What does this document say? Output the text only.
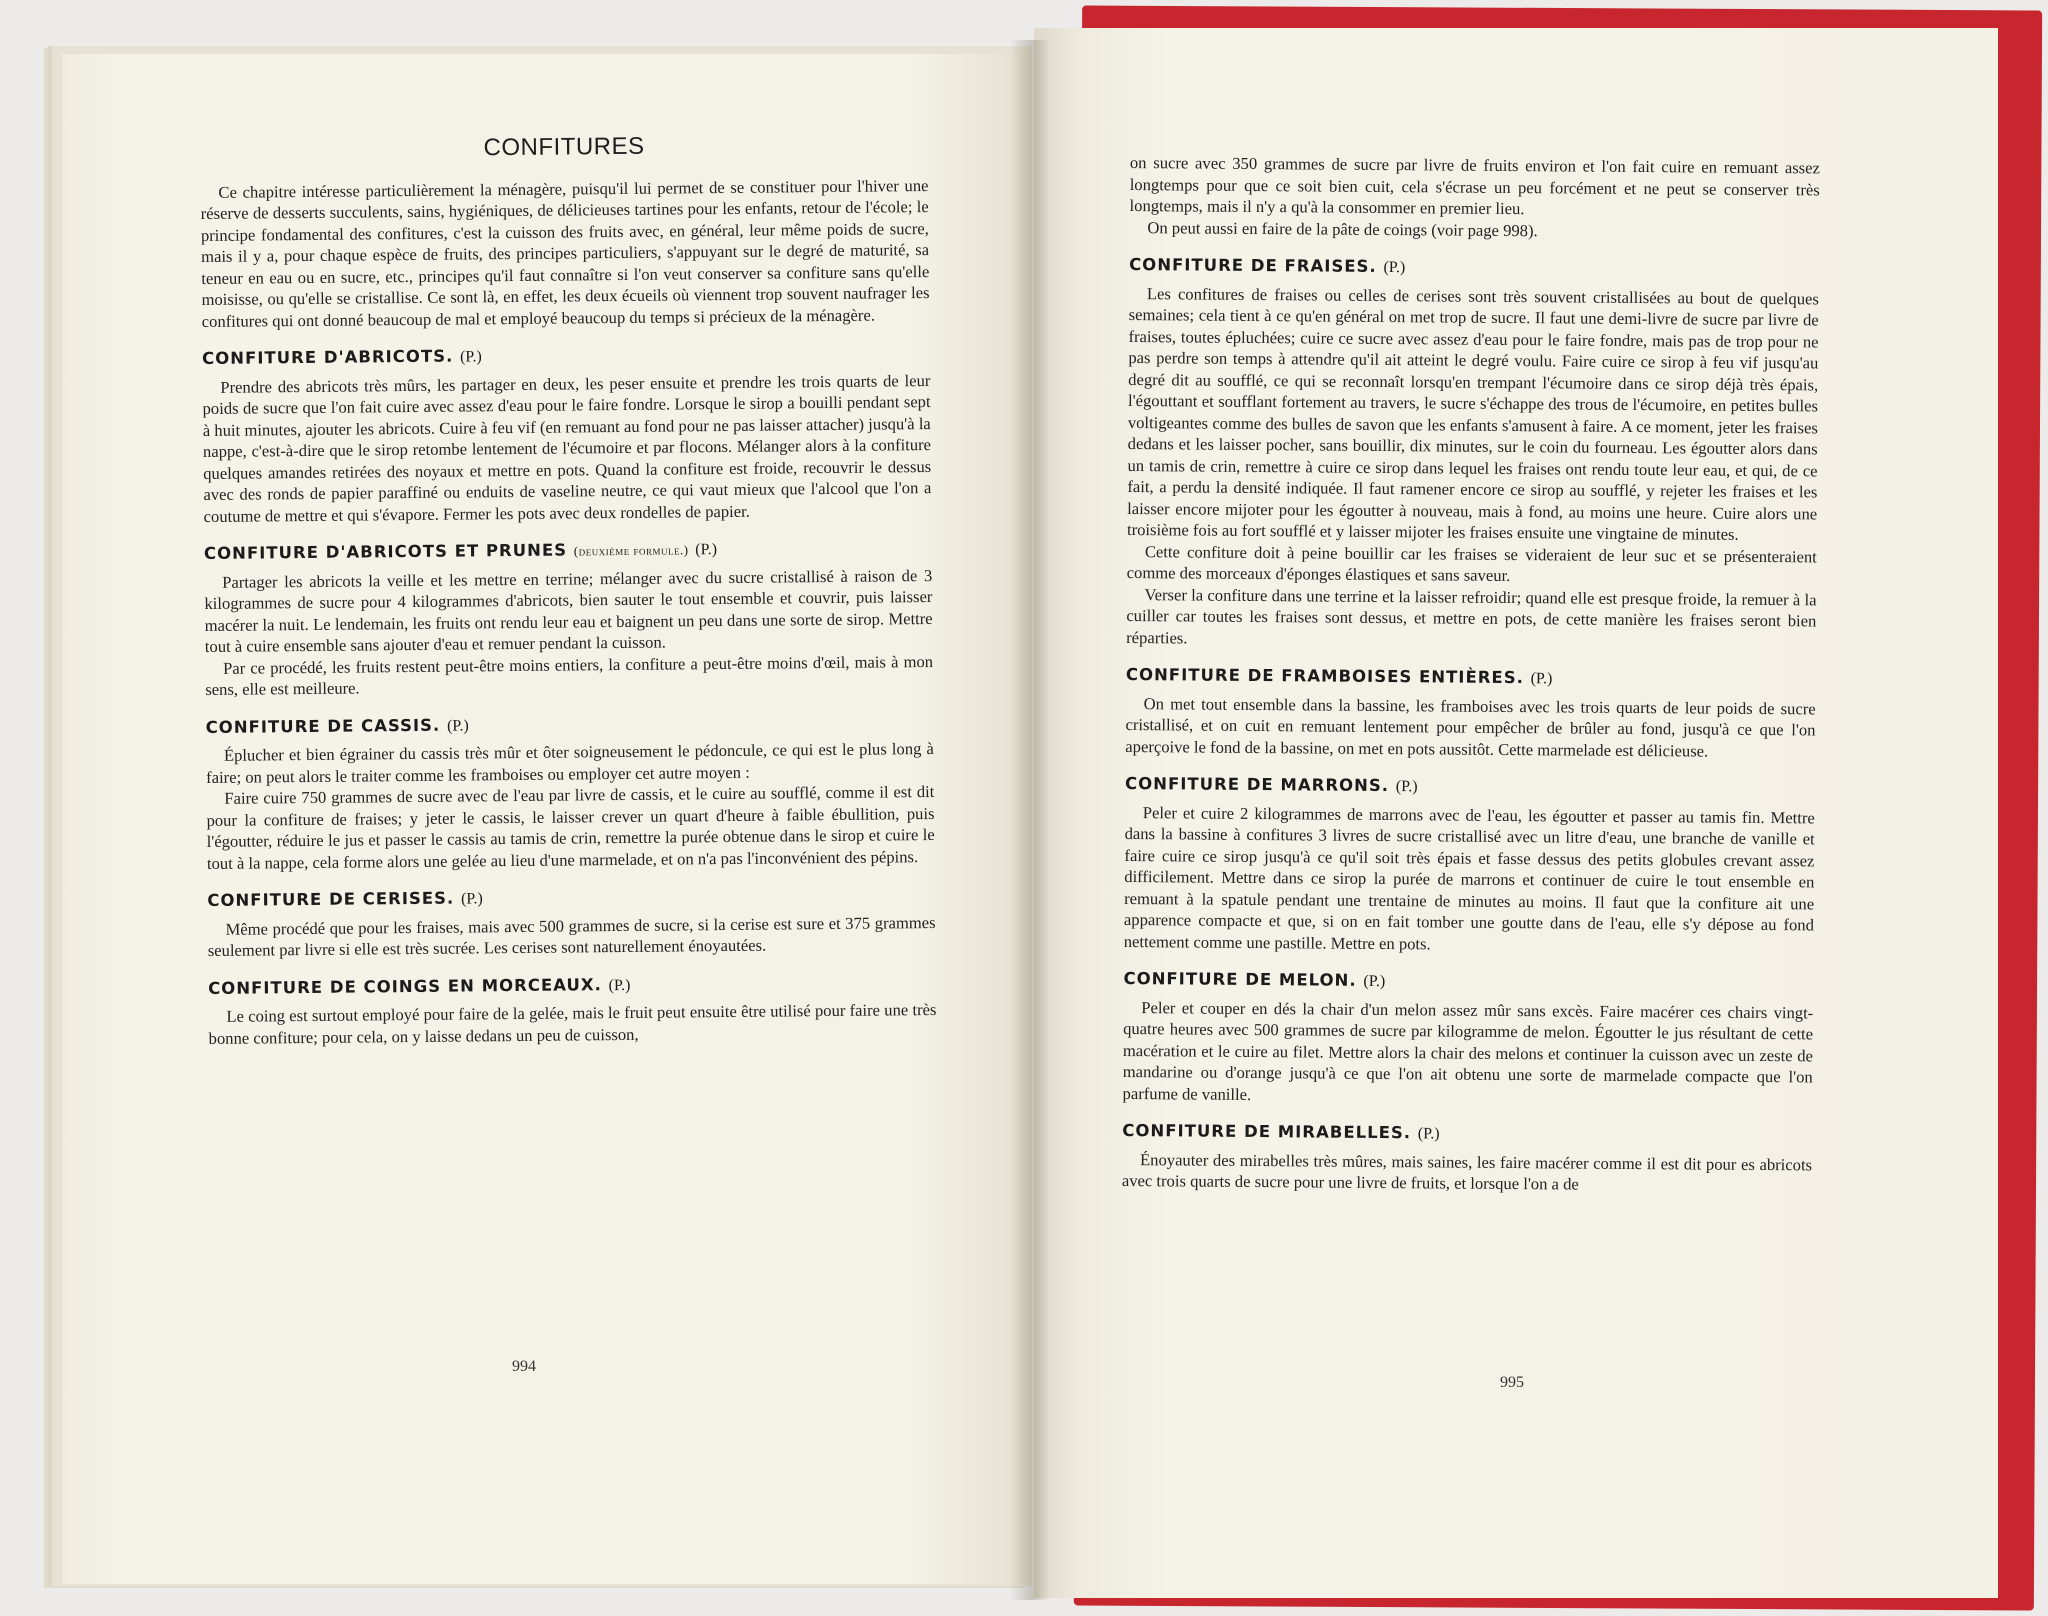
CONFITURES

Ce chapitre intéresse particulièrement la ménagère, puisqu'il lui permet de se constituer pour l'hiver une réserve de desserts succulents, sains, hygiéniques, de délicieuses tartines pour les enfants, retour de l'école; le principe fondamental des confitures, c'est la cuisson des fruits avec, en général, leur même poids de sucre, mais il y a, pour chaque espèce de fruits, des principes particuliers, s'appuyant sur le degré de maturité, sa teneur en eau ou en sucre, etc., principes qu'il faut connaître si l'on veut conserver sa confiture sans qu'elle moisisse, ou qu'elle se cristallise. Ce sont là, en effet, les deux écueils où viennent trop souvent naufrager les confitures qui ont donné beaucoup de mal et employé beaucoup du temps si précieux de la ménagère.

CONFITURE D'ABRICOTS. (P.)

Prendre des abricots très mûrs, les partager en deux, les peser ensuite et prendre les trois quarts de leur poids de sucre que l'on fait cuire avec assez d'eau pour le faire fondre. Lorsque le sirop a bouilli pendant sept à huit minutes, ajouter les abricots. Cuire à feu vif (en remuant au fond pour ne pas laisser attacher) jusqu'à la nappe, c'est-à-dire que le sirop retombe lentement de l'écumoire et par flocons. Mélanger alors à la confiture quelques amandes retirées des noyaux et mettre en pots. Quand la confiture est froide, recouvrir le dessus avec des ronds de papier paraffiné ou enduits de vaseline neutre, ce qui vaut mieux que l'alcool que l'on a coutume de mettre et qui s'évapore. Fermer les pots avec deux rondelles de papier.

CONFITURE D'ABRICOTS ET PRUNES (deuxième formule.) (P.)

Partager les abricots la veille et les mettre en terrine; mélanger avec du sucre cristallisé à raison de 3 kilogrammes de sucre pour 4 kilogrammes d'abricots, bien sauter le tout ensemble et couvrir, puis laisser macérer la nuit. Le lendemain, les fruits ont rendu leur eau et baignent un peu dans une sorte de sirop. Mettre tout à cuire ensemble sans ajouter d'eau et remuer pendant la cuisson.

Par ce procédé, les fruits restent peut-être moins entiers, la confiture a peut-être moins d'œil, mais à mon sens, elle est meilleure.

CONFITURE DE CASSIS. (P.)

Éplucher et bien égrainer du cassis très mûr et ôter soigneusement le pédoncule, ce qui est le plus long à faire; on peut alors le traiter comme les framboises ou employer cet autre moyen :

Faire cuire 750 grammes de sucre avec de l'eau par livre de cassis, et le cuire au soufflé, comme il est dit pour la confiture de fraises; y jeter le cassis, le laisser crever un quart d'heure à faible ébullition, puis l'égoutter, réduire le jus et passer le cassis au tamis de crin, remettre la purée obtenue dans le sirop et cuire le tout à la nappe, cela forme alors une gelée au lieu d'une marmelade, et on n'a pas l'inconvénient des pépins.

CONFITURE DE CERISES. (P.)

Même procédé que pour les fraises, mais avec 500 grammes de sucre, si la cerise est sure et 375 grammes seulement par livre si elle est très sucrée. Les cerises sont naturellement énoyautées.

CONFITURE DE COINGS EN MORCEAUX. (P.)

Le coing est surtout employé pour faire de la gelée, mais le fruit peut ensuite être utilisé pour faire une très bonne confiture; pour cela, on y laisse dedans un peu de cuisson,

994

on sucre avec 350 grammes de sucre par livre de fruits environ et l'on fait cuire en remuant assez longtemps pour que ce soit bien cuit, cela s'écrase un peu forcément et ne peut se conserver très longtemps, mais il n'y a qu'à la consommer en premier lieu.

On peut aussi en faire de la pâte de coings (voir page 998).

CONFITURE DE FRAISES. (P.)

Les confitures de fraises ou celles de cerises sont très souvent cristallisées au bout de quelques semaines; cela tient à ce qu'en général on met trop de sucre. Il faut une demi-livre de sucre par livre de fraises, toutes épluchées; cuire ce sucre avec assez d'eau pour le faire fondre, mais pas de trop pour ne pas perdre son temps à attendre qu'il ait atteint le degré voulu. Faire cuire ce sirop à feu vif jusqu'au degré dit au soufflé, ce qui se reconnaît lorsqu'en trempant l'écumoire dans ce sirop déjà très épais, l'égouttant et soufflant fortement au travers, le sucre s'échappe des trous de l'écumoire, en petites bulles voltigeantes comme des bulles de savon que les enfants s'amusent à faire. A ce moment, jeter les fraises dedans et les laisser pocher, sans bouillir, dix minutes, sur le coin du fourneau. Les égoutter alors dans un tamis de crin, remettre à cuire ce sirop dans lequel les fraises ont rendu toute leur eau, et qui, de ce fait, a perdu la densité indiquée. Il faut ramener encore ce sirop au soufflé, y rejeter les fraises et les laisser encore mijoter pour les égoutter à nouveau, mais à fond, au moins une heure. Cuire alors une troisième fois au fort soufflé et y laisser mijoter les fraises ensuite une vingtaine de minutes.

Cette confiture doit à peine bouillir car les fraises se videraient de leur suc et se présenteraient comme des morceaux d'éponges élastiques et sans saveur.

Verser la confiture dans une terrine et la laisser refroidir; quand elle est presque froide, la remuer à la cuiller car toutes les fraises sont dessus, et mettre en pots, de cette manière les fraises seront bien réparties.

CONFITURE DE FRAMBOISES ENTIÈRES. (P.)

On met tout ensemble dans la bassine, les framboises avec les trois quarts de leur poids de sucre cristallisé, et on cuit en remuant lentement pour empêcher de brûler au fond, jusqu'à ce que l'on aperçoive le fond de la bassine, on met en pots aussitôt. Cette marmelade est délicieuse.

CONFITURE DE MARRONS. (P.)

Peler et cuire 2 kilogrammes de marrons avec de l'eau, les égoutter et passer au tamis fin. Mettre dans la bassine à confitures 3 livres de sucre cristallisé avec un litre d'eau, une branche de vanille et faire cuire ce sirop jusqu'à ce qu'il soit très épais et fasse dessus des petits globules crevant assez difficilement. Mettre dans ce sirop la purée de marrons et continuer de cuire le tout ensemble en remuant à la spatule pendant une trentaine de minutes au moins. Il faut que la confiture ait une apparence compacte et que, si on en fait tomber une goutte dans de l'eau, elle s'y dépose au fond nettement comme une pastille. Mettre en pots.

CONFITURE DE MELON. (P.)

Peler et couper en dés la chair d'un melon assez mûr sans excès. Faire macérer ces chairs vingt-quatre heures avec 500 grammes de sucre par kilogramme de melon. Égoutter le jus résultant de cette macération et le cuire au filet. Mettre alors la chair des melons et continuer la cuisson avec un zeste de mandarine ou d'orange jusqu'à ce que l'on ait obtenu une sorte de marmelade compacte que l'on parfume de vanille.

CONFITURE DE MIRABELLES. (P.)

Énoyauter des mirabelles très mûres, mais saines, les faire macérer comme il est dit pour es abricots avec trois quarts de sucre pour une livre de fruits, et lorsque l'on a de

995
